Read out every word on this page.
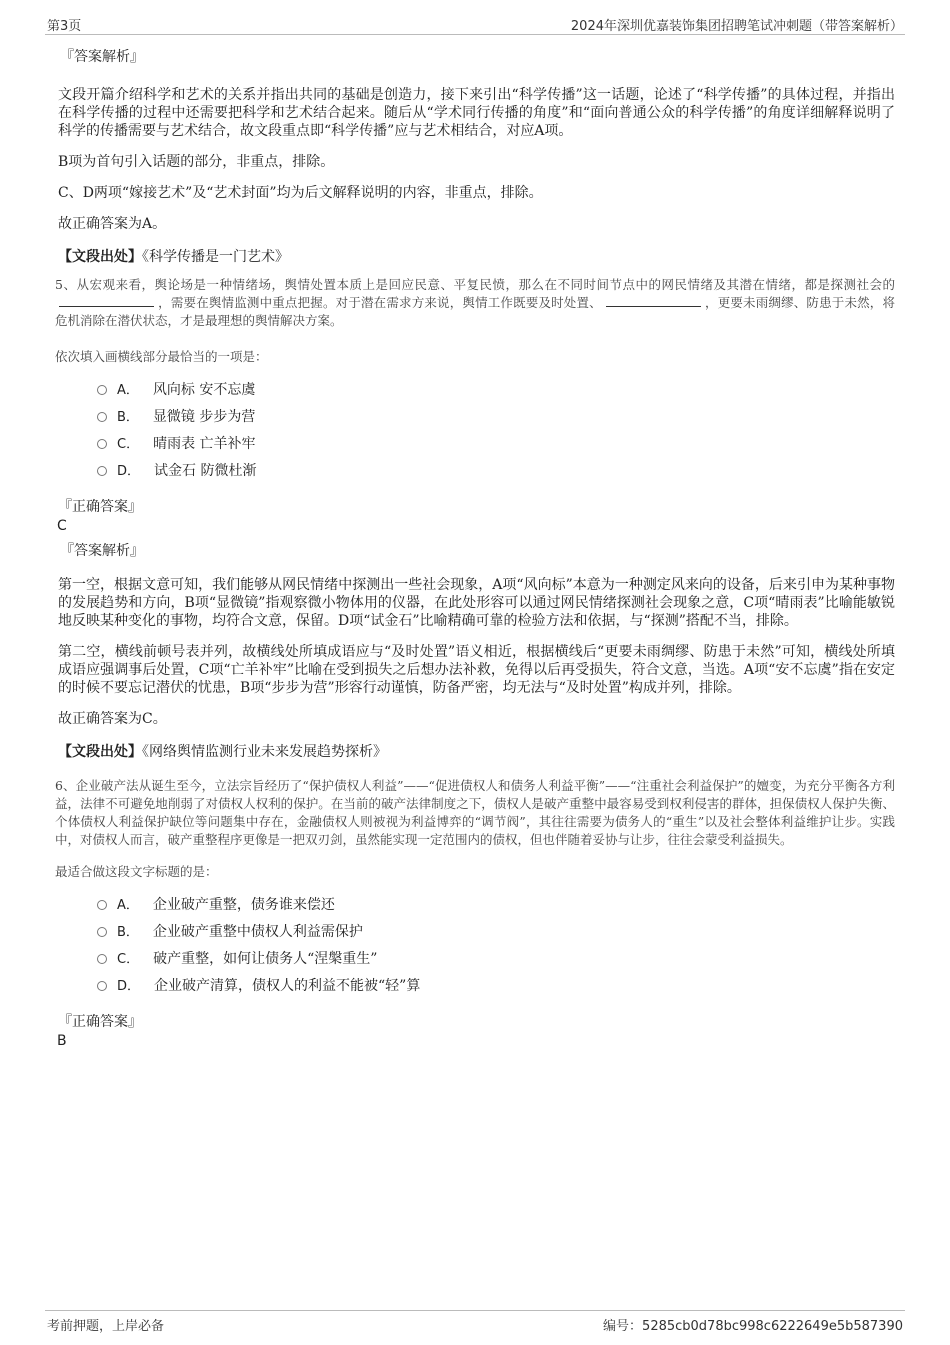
第3页	2024年深圳优嘉装饰集团招聘笔试冲刺题（带答案解析）
『答案解析』

文段开篇介绍科学和艺术的关系并指出共同的基础是创造力，接下来引出“科学传播”这一话题，论述了“科学传播”的具体过程，并指出在科学传播的过程中还需要把科学和艺术结合起来。随后从“学术同行传播的角度”和“面向普通公众的科学传播”的角度详细解释说明了科学的传播需要与艺术结合，故文段重点即“科学传播”应与艺术相结合，对应A项。

B项为首句引入话题的部分，非重点，排除。

C、D两项“嫁接艺术”及“艺术封面”均为后文解释说明的内容，非重点，排除。

故正确答案为A。

【文段出处】《科学传播是一门艺术》

5、从宏观来看，舆论场是一种情绪场，舆情处置本质上是回应民意、平复民愤，那么在不同时间节点中的网民情绪及其潜在情绪，都是探测社会的，需要在舆情监测中重点把握。对于潜在需求方来说，舆情工作既要及时处置、	，更要未雨绸缪、防患于未然，将危机消除在潜伏状态，才是最理想的舆情解决方案。

依次填入画横线部分最恰当的一项是：

A． 风向标 安不忘虞
B． 显微镜 步步为营
C． 晴雨表 亡羊补牢
D． 试金石 防微杜渐
『正确答案』
C
『答案解析』

第一空，根据文意可知，我们能够从网民情绪中探测出一些社会现象，A项“风向标”本意为一种测定风来向的设备，后来引申为某种事物的发展趋势和方向，B项“显微镜”指观察微小物体用的仪器，在此处形容可以通过网民情绪探测社会现象之意，C项“晴雨表”比喻能敏锐地反映某种变化的事物，均符合文意，保留。D项“试金石”比喻精确可靠的检验方法和依据，与“探测”搭配不当，排除。

第二空，横线前顿号表并列，故横线处所填成语应与“及时处置”语义相近，根据横线后“更要未雨绸缪、防患于未然”可知，横线处所填成语应强调事后处置，C项“亡羊补牢”比喻在受到损失之后想办法补救，免得以后再受损失，符合文意，当选。A项“安不忘虞”指在安定的时候不要忘记潜伏的忧患，B项“步步为营”形容行动谨慎，防备严密，均无法与“及时处置”构成并列，排除。

故正确答案为C。

【文段出处】《网络舆情监测行业未来发展趋势探析》

6、企业破产法从诞生至今，立法宗旨经历了“保护债权人利益”——“促进债权人和债务人利益平衡”——“注重社会利益保护”的嬗变，为充分平衡各方利益，法律不可避免地削弱了对债权人权利的保护。在当前的破产法律制度之下，债权人是破产重整中最容易受到权利侵害的群体，担保债权人保护失衡、个体债权人利益保护缺位等问题集中存在，金融债权人则被视为利益博弈的“调节阀”，其往往需要为债务人的“重生”以及社会整体利益维护让步。实践中，对债权人而言，破产重整程序更像是一把双刃剑，虽然能实现一定范围内的债权，但也伴随着妥协与让步，往往会蒙受利益损失。

最适合做这段文字标题的是：

A． 企业破产重整，债务谁来偿还
B． 企业破产重整中债权人利益需保护
C． 破产重整，如何让债务人“涅槃重生”
D． 企业破产清算，债权人的利益不能被“轻”算
『正确答案』
B
考前押题，上岸必备	编号：5285cb0d78bc998c6222649e5b587390
